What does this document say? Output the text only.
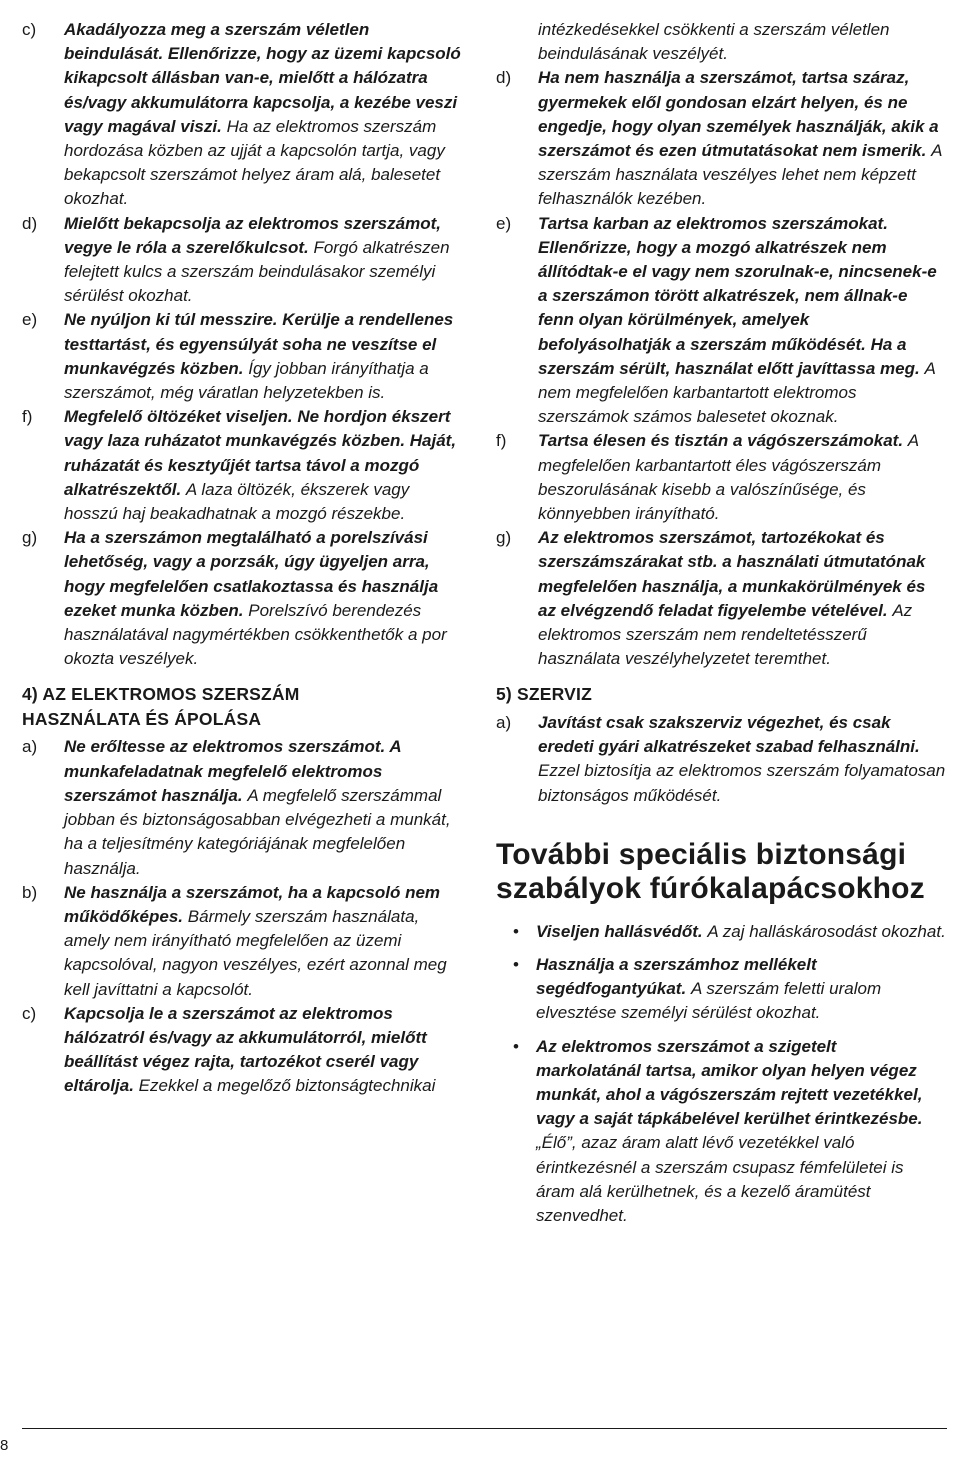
c)	Akadályozza meg a szerszám véletlen beindulását. Ellenőrizze, hogy az üzemi kapcsoló kikapcsolt állásban van-e, mielőtt a hálózatra és/vagy akkumulátorra kapcsolja, a kezébe veszi vagy magával viszi. Ha az elektromos szerszám hordozása közben az ujját a kapcsolón tartja, vagy bekapcsolt szerszámot helyez áram alá, balesetet okozhat.
d)	Mielőtt bekapcsolja az elektromos szerszámot, vegye le róla a szerelőkulcsot. Forgó alkatrészen felejtett kulcs a szerszám beindulásakor személyi sérülést okozhat.
e)	Ne nyúljon ki túl messzire. Kerülje a rendellenes testtartást, és egyensúlyát soha ne veszítse el munkavégzés közben. Így jobban irányíthatja a szerszámot, még váratlan helyzetekben is.
f)	Megfelelő öltözéket viseljen. Ne hordjon ékszert vagy laza ruházatot munkavégzés közben. Haját, ruházatát és kesztyűjét tartsa távol a mozgó alkatrészektől. A laza öltözék, ékszerek vagy hosszú haj beakadhatnak a mozgó részekbe.
g)	Ha a szerszámon megtalálható a porelszívási lehetőség, vagy a porzsák, úgy ügyeljen arra, hogy megfelelően csatlakoztassa és használja ezeket munka közben. Porelszívó berendezés használatával nagymértékben csökkenthetők a por okozta veszélyek.
4) AZ ELEKTROMOS SZERSZÁM
HASZNÁLATA ÉS ÁPOLÁSA
a)	Ne erőltesse az elektromos szerszámot. A munkafeladatnak megfelelő elektromos szerszámot használja. A megfelelő szerszámmal jobban és biztonságosabban elvégezheti a munkát, ha a teljesítmény kategóriájának megfelelően használja.
b)	Ne használja a szerszámot, ha a kapcsoló nem működőképes. Bármely szerszám használata, amely nem irányítható megfelelően az üzemi kapcsolóval, nagyon veszélyes, ezért azonnal meg kell javíttatni a kapcsolót.
c)	Kapcsolja le a szerszámot az elektromos hálózatról és/vagy az akkumulátorról, mielőtt beállítást végez rajta, tartozékot cserél vagy eltárolja. Ezekkel a megelőző biztonságtechnikai
intézkedésekkel csökkenti a szerszám véletlen beindulásának veszélyét.
d)	Ha nem használja a szerszámot, tartsa száraz, gyermekek elől gondosan elzárt helyen, és ne engedje, hogy olyan személyek használják, akik a szerszámot és ezen útmutatásokat nem ismerik. A szerszám használata veszélyes lehet nem képzett felhasználók kezében.
e)	Tartsa karban az elektromos szerszámokat. Ellenőrizze, hogy a mozgó alkatrészek nem állítódtak-e el vagy nem szorulnak-e, nincsenek-e a szerszámon törött alkatrészek, nem állnak-e fenn olyan körülmények, amelyek befolyásolhatják a szerszám működését. Ha a szerszám sérült, használat előtt javíttassa meg. A nem megfelelően karbantartott elektromos szerszámok számos balesetet okoznak.
f)	Tartsa élesen és tisztán a vágószerszámokat. A megfelelően karbantartott éles vágószerszám beszorulásának kisebb a valószínűsége, és könnyebben irányítható.
g)	Az elektromos szerszámot, tartozékokat és szerszámszárakat stb. a használati útmutatónak megfelelően használja, a munkakörülmények és az elvégzendő feladat figyelembe vételével. Az elektromos szerszám nem rendeltetésszerű használata veszélyhelyzetet teremthet.
5) SZERVIZ
a)	Javítást csak szakszerviz végezhet, és csak eredeti gyári alkatrészeket szabad felhasználni. Ezzel biztosítja az elektromos szerszám folyamatosan biztonságos működését.
További speciális biztonsági szabályok fúrókalapácsokhoz
•	Viseljen hallásvédőt. A zaj halláskárosodást okozhat.
•	Használja a szerszámhoz mellékelt segédfogantyúkat. A szerszám feletti uralom elvesztése személyi sérülést okozhat.
•	Az elektromos szerszámot a szigetelt markolatánál tartsa, amikor olyan helyen végez munkát, ahol a vágószerszám rejtett vezetékkel, vagy a saját tápkábelével kerülhet érintkezésbe. „Élő”, azaz áram alatt lévő vezetékkel való érintkezésnél a szerszám csupasz fémfelületei is áram alá kerülhetnek, és a kezelő áramütést szenvedhet.
8
